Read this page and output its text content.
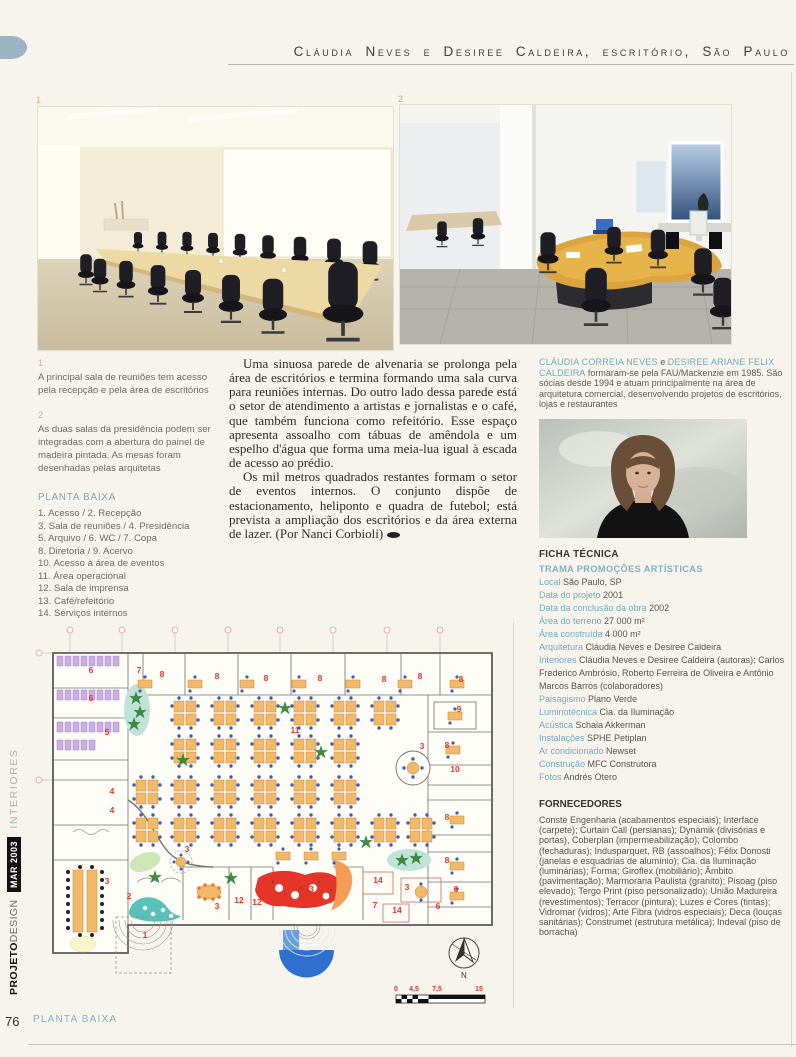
Cláudia Neves e Desiree Caldeira, escritório, São Paulo
1	2
1
A principal sala de reuniões tem acesso pela recepção e pela área de escritórios
2
As duas salas da presidência podem ser integradas com a abertura do painel de madeira pintada. As mesas foram desenhadas pelas arquitetas
PLANTA BAIXA
1. Acesso / 2. Recepção
3. Sala de reuniões / 4. Presidência
5. Arquivo / 6. WC / 7. Copa
8. Diretoria / 9. Acervo
10. Acesso à área de eventos
11. Área operacional
12. Sala de imprensa
13. Café/refeitório
14. Serviços internos

Uma sinuosa parede de alvenaria se prolonga pela área de escritórios e termina formando uma sala curva para reuniões internas. Do outro lado dessa parede está o setor de atendimento a artistas e jornalistas e o café, que também funciona como refeitório. Esse espaço apresenta assoalho com tábuas de amêndola e um espelho d'água que forma uma meia-lua igual à escada de acesso ao prédio.

Os mil metros quadrados restantes formam o setor de eventos internos. O conjunto dispõe de estacionamento, heliponto e quadra de futebol; está prevista a ampliação dos escritórios e da área externa de lazer. (Por Nanci Corbioli)

CLÁUDIA CORREIA NEVES e DESIREE ARIANE FELIX CALDEIRA formaram-se pela FAU/Mackenzie em 1985. São sócias desde 1994 e atuam principalmente na área de arquitetura comercial, desenvolvendo projetos de escritórios, lojas e restaurantes
FICHA TÉCNICA
TRAMA PROMOÇÕES ARTÍSTICAS
Local São Paulo, SP
Data do projeto 2001
Data da conclusão da obra 2002
Área do terreno 27 000 m²
Área construída 4 000 m²
Arquitetura Cláudia Neves e Desiree Caldeira
Interiores Cláudia Neves e Desiree Caldeira (autoras); Carlos Frederico Ambrósio, Roberto Ferreira de Oliveira e Antônio Marcos Barros (colaboradores)
Paisagismo Plano Verde
Luminotécnica Cia. da Iluminação
Acústica Schaia Akkerman
Instalações SPHE Petiplan
Ar condicionado Newset
Construção MFC Construtora
Fotos Andrés Otero
FORNECEDORES
Conste Engenharia (acabamentos especiais); Interface (carpete); Curtain Call (persianas); Dynamik (divisórias e portas), Coberplan (impermeabilização); Colombo (fechaduras); Indusparquet, RB (assoalhos); Félix Donosti (janelas e esquadrias de alumínio); Cia. da Iluminação (luminárias); Forma; Giroflex (mobiliário); Âmbito (pavimentação); Marmoraria Paulista (granito); Pisoag (piso elevado); Tergo Print (piso personalizado); União Madureira (revestimentos); Terracor (pintura); Luzes e Cores (tintas); Vidromar (vidros); Arte Fibra (vidros especiais); Deca (louças sanitárias); Construmet (estrutura metálica); Indeval (piso de borracha)
1
2
3
3
3
3
3
4
4
5
6
6
6
6
7
7
8	8	8	8	8	8	8
8
8
8
9
10
11
12 12
13
14
14
N
0 4,5 7,5	15
PLANTA BAIXA
76
PROJETODESIGN MAR 2003 INTERIORES
